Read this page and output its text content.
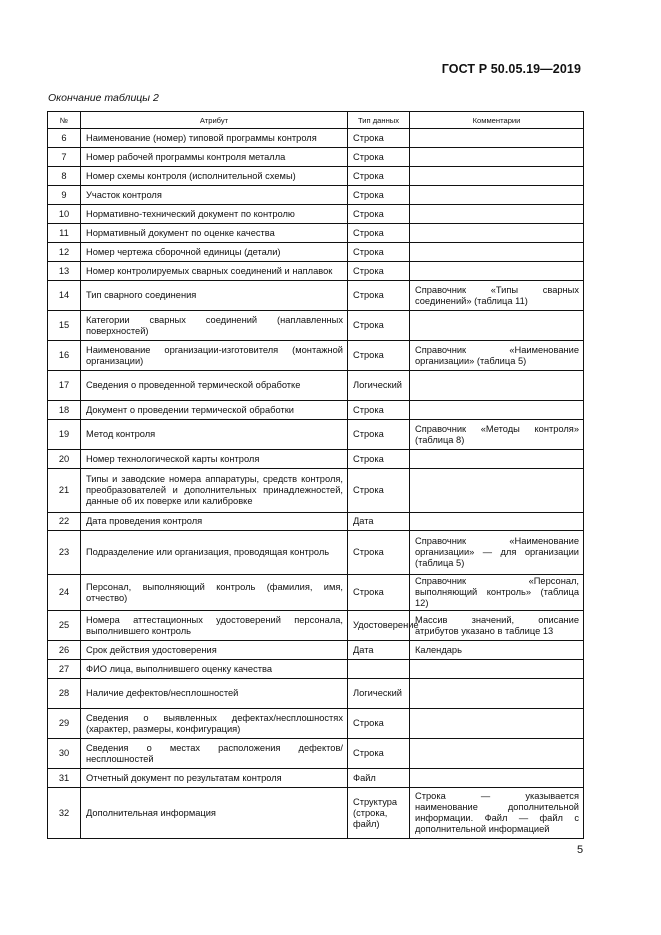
ГОСТ Р 50.05.19—2019
Окончание таблицы 2
№	Атрибут	Тип данных	Комментарии
6	Наименование (номер) типовой программы контроля	Строка	
7	Номер рабочей программы контроля металла	Строка	
8	Номер схемы контроля (исполнительной схемы)	Строка	
9	Участок контроля	Строка	
10	Нормативно-технический документ по контролю	Строка	
11	Нормативный документ по оценке качества	Строка	
12	Номер чертежа сборочной единицы (детали)	Строка	
13	Номер контролируемых сварных соединений и наплавок	Строка	
14	Тип сварного соединения	Строка	Справочник «Типы сварных соединений» (таблица 11)
15	Категории сварных соединений (наплавленных поверхностей)	Строка	
16	Наименование организации-изготовителя (монтажной организации)	Строка	Справочник «Наименование организации» (таблица 5)
17	Сведения о проведенной термической обработке	Логический	
18	Документ о проведении термической обработки	Строка	
19	Метод контроля	Строка	Справочник «Методы контроля» (таблица 8)
20	Номер технологической карты контроля	Строка	
21	Типы и заводские номера аппаратуры, средств контроля, преобразователей и дополнительных принадлежностей, данные об их поверке или калибровке	Строка	
22	Дата проведения контроля	Дата	
23	Подразделение или организация, проводящая контроль	Строка	Справочник «Наименование организации» — для организации (таблица 5)
24	Персонал, выполняющий контроль (фамилия, имя, отчество)	Строка	Справочник «Персонал, выполняющий контроль» (таблица 12)
25	Номера аттестационных удостоверений персонала, выполнившего контроль	Удостоверение	Массив значений, описание атрибутов указано в таблице 13
26	Срок действия удостоверения	Дата	Календарь
27	ФИО лица, выполнившего оценку качества		
28	Наличие дефектов/несплошностей	Логический	
29	Сведения о выявленных дефектах/несплошностях (характер, размеры, конфигурация)	Строка	
30	Сведения о местах расположения дефектов/несплошностей	Строка	
31	Отчетный документ по результатам контроля	Файл	
32	Дополнительная информация	Структура (строка, файл)	Строка — указывается наименование дополнительной информации. Файл — файл с дополнительной информацией
5
